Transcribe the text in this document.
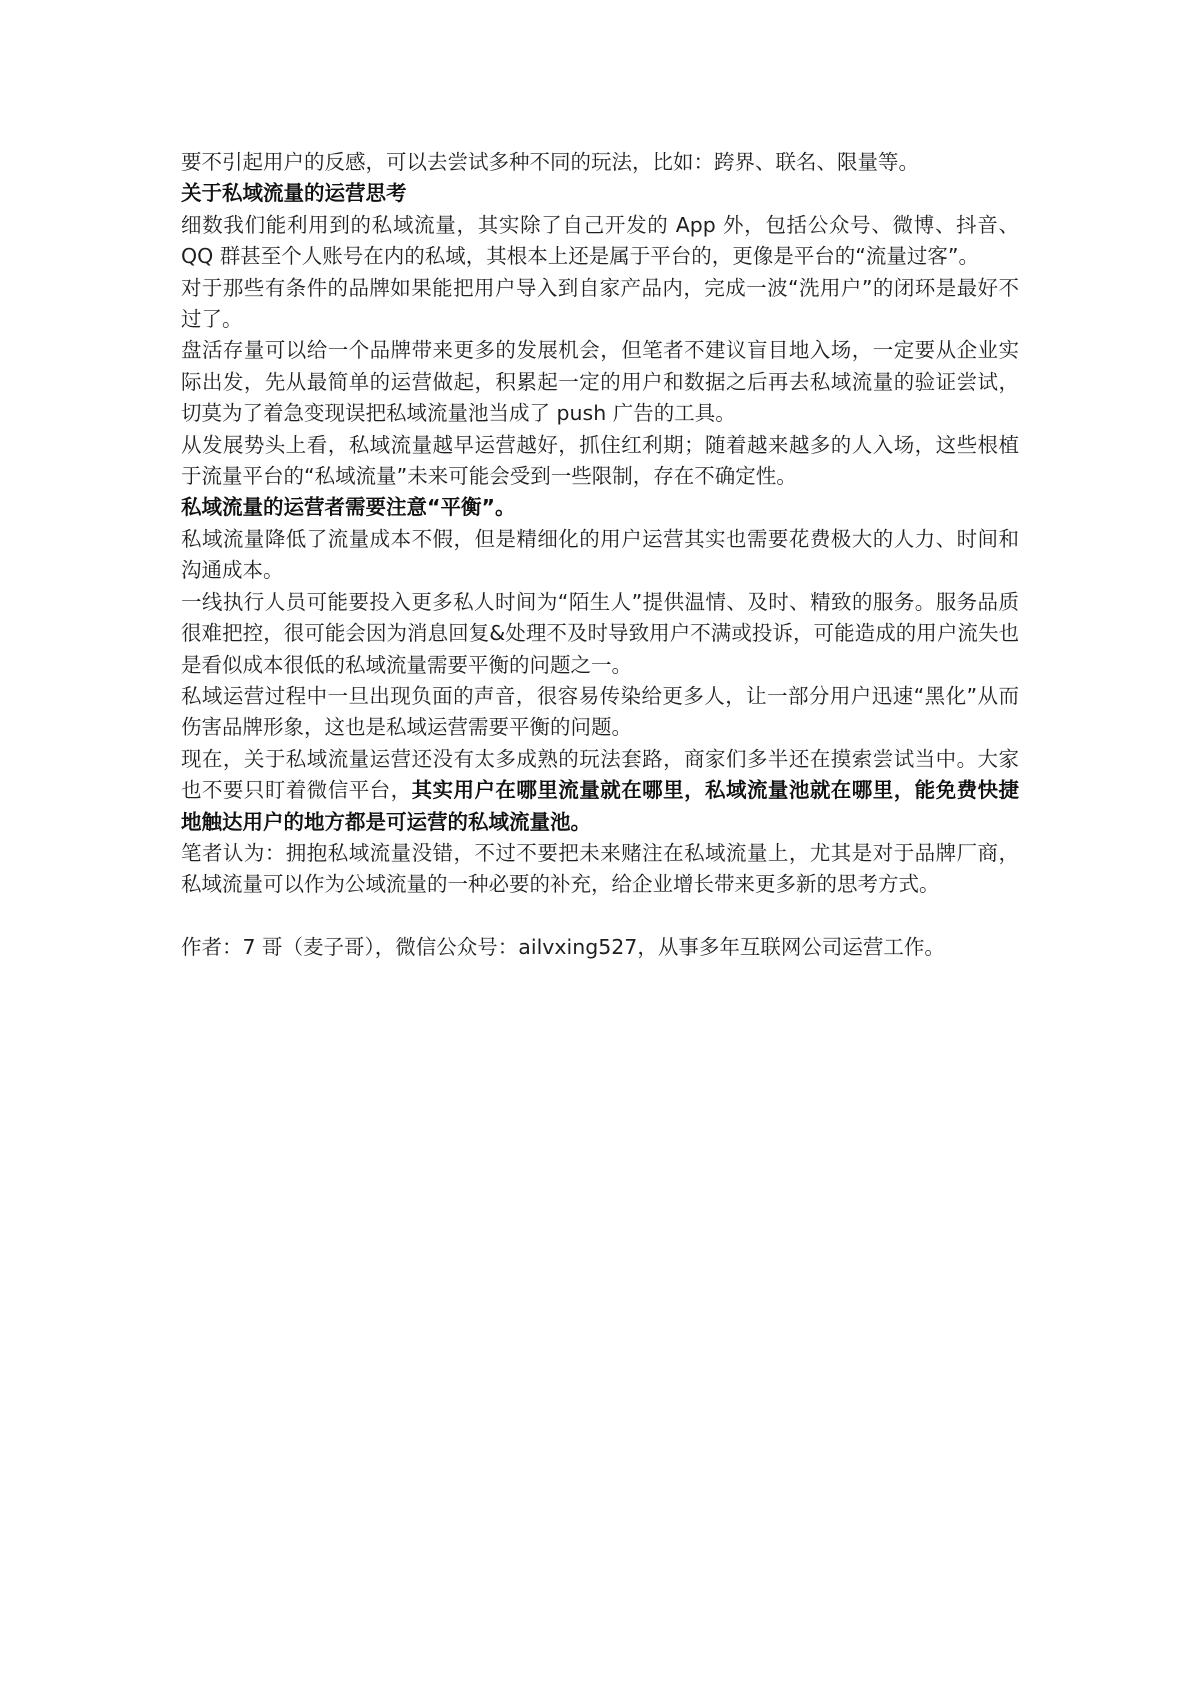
要不引起用户的反感，可以去尝试多种不同的玩法，比如：跨界、联名、限量等。

关于私域流量的运营思考

细数我们能利用到的私域流量，其实除了自己开发的 App 外，包括公众号、微博、抖音、QQ 群甚至个人账号在内的私域，其根本上还是属于平台的，更像是平台的“流量过客”。

对于那些有条件的品牌如果能把用户导入到自家产品内，完成一波“洗用户”的闭环是最好不过了。

盘活存量可以给一个品牌带来更多的发展机会，但笔者不建议盲目地入场，一定要从企业实际出发，先从最简单的运营做起，积累起一定的用户和数据之后再去私域流量的验证尝试，切莫为了着急变现误把私域流量池当成了 push 广告的工具。

从发展势头上看，私域流量越早运营越好，抓住红利期；随着越来越多的人入场，这些根植于流量平台的“私域流量”未来可能会受到一些限制，存在不确定性。

私域流量的运营者需要注意“平衡”。

私域流量降低了流量成本不假，但是精细化的用户运营其实也需要花费极大的人力、时间和沟通成本。

一线执行人员可能要投入更多私人时间为“陌生人”提供温情、及时、精致的服务。服务品质很难把控，很可能会因为消息回复&处理不及时导致用户不满或投诉，可能造成的用户流失也是看似成本很低的私域流量需要平衡的问题之一。

私域运营过程中一旦出现负面的声音，很容易传染给更多人，让一部分用户迅速“黑化”从而伤害品牌形象，这也是私域运营需要平衡的问题。

现在，关于私域流量运营还没有太多成熟的玩法套路，商家们多半还在摸索尝试当中。大家也不要只盯着微信平台，其实用户在哪里流量就在哪里，私域流量池就在哪里，能免费快捷地触达用户的地方都是可运营的私域流量池。

笔者认为：拥抱私域流量没错，不过不要把未来赌注在私域流量上，尤其是对于品牌厂商，私域流量可以作为公域流量的一种必要的补充，给企业增长带来更多新的思考方式。

作者：7 哥（麦子哥），微信公众号：ailvxing527，从事多年互联网公司运营工作。
